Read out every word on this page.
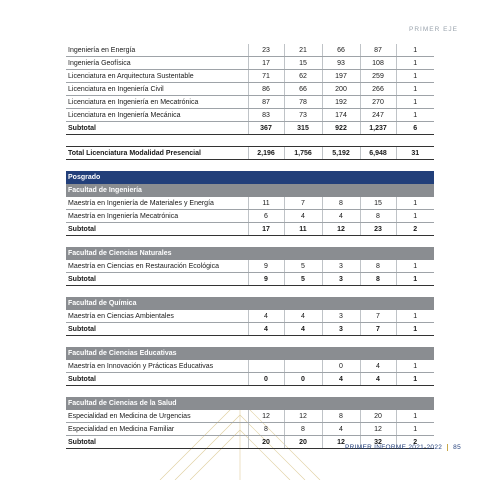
PRIMER EJE
Ingeniería en Energía	23	21	66	87	1
Ingeniería Geofísica	17	15	93	108	1
Licenciatura en Arquitectura Sustentable	71	62	197	259	1
Licenciatura en Ingeniería Civil	86	66	200	266	1
Licenciatura en Ingeniería en Mecatrónica	87	78	192	270	1
Licenciatura en Ingeniería Mecánica	83	73	174	247	1
Subtotal	367	315	922	1,237	6

Total Licenciatura Modalidad Presencial	2,196	1,756	5,192	6,948	31

Posgrado					
Facultad de Ingeniería					
Maestría en Ingeniería de Materiales y Energía	11	7	8	15	1
Maestría en Ingeniería Mecatrónica	6	4	4	8	1
Subtotal	17	11	12	23	2

Facultad de Ciencias Naturales					
Maestría en Ciencias en Restauración Ecológica	9	5	3	8	1
Subtotal	9	5	3	8	1

Facultad de Química					
Maestría en Ciencias Ambientales	4	4	3	7	1
Subtotal	4	4	3	7	1

Facultad de Ciencias Educativas					
Maestría en Innovación y Prácticas Educativas			0	4	1
Subtotal	0	0	4	4	1

Facultad de Ciencias de la Salud					
Especialidad en Medicina de Urgencias	12	12	8	20	1
Especialidad en Medicina Familiar	8	8	4	12	1
Subtotal	20	20	12	32	2
PRIMER INFORME 2021-2022 85
